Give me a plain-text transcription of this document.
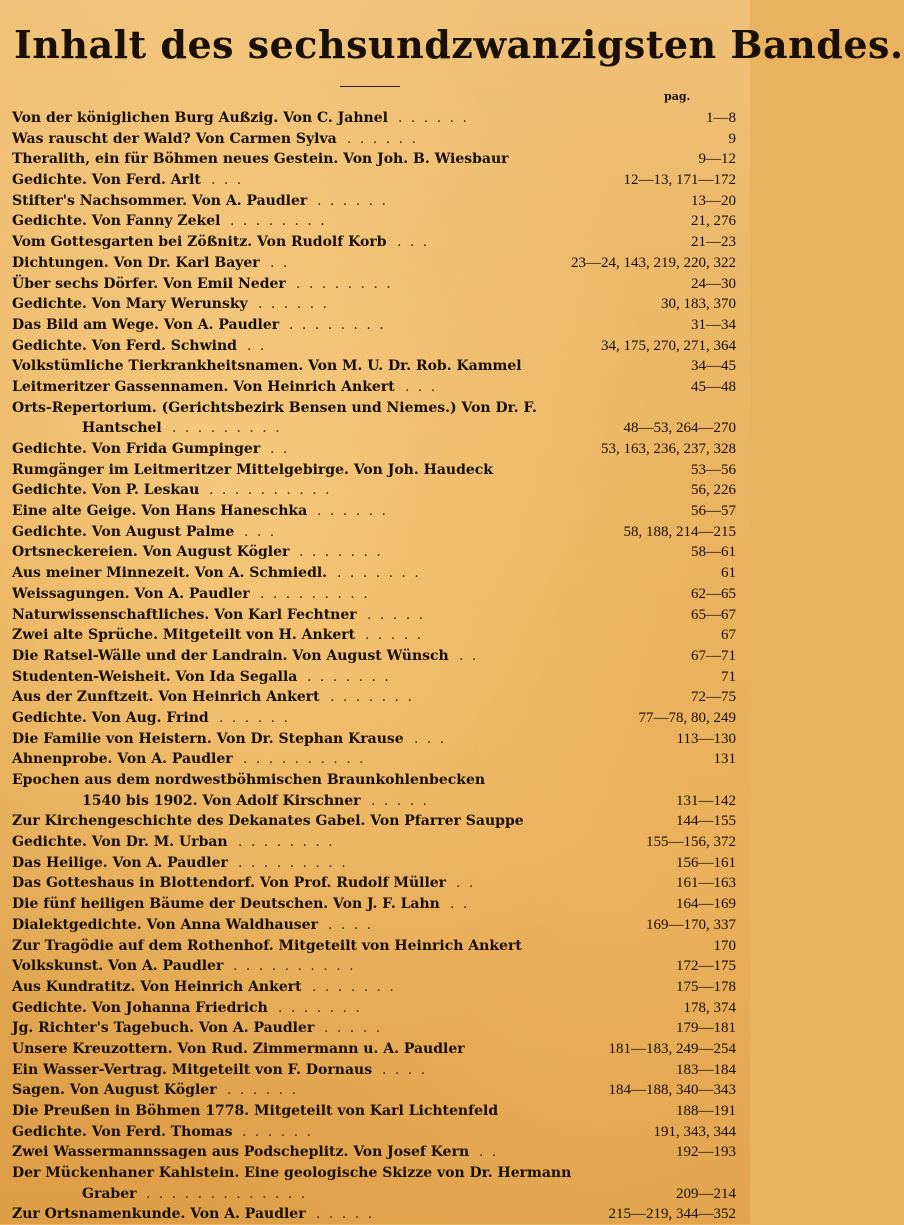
Inhalt des sechsundzwanzigsten Bandes.
pag.
Von der königlichen Burg Außzig. Von C. Jahnel . . . . . .	1—8
Was rauscht der Wald? Von Carmen Sylva . . . . . .	9
Theralith, ein für Böhmen neues Gestein. Von Joh. B. Wiesbaur	9—12
Gedichte. Von Ferd. Arlt . . .	12—13, 171—172
Stifter's Nachsommer. Von A. Paudler . . . . . .	13—20
Gedichte. Von Fanny Zekel . . . . . . . .	21, 276
Vom Gottesgarten bei Zößnitz. Von Rudolf Korb . . .	21—23
Dichtungen. Von Dr. Karl Bayer . .	23—24, 143, 219, 220, 322
Über sechs Dörfer. Von Emil Neder . . . . . . . .	24—30
Gedichte. Von Mary Werunsky . . . . . .	30, 183, 370
Das Bild am Wege. Von A. Paudler . . . . . . . .	31—34
Gedichte. Von Ferd. Schwind . .	34, 175, 270, 271, 364
Volkstümliche Tierkrankheitsnamen. Von M. U. Dr. Rob. Kammel	34—45
Leitmeritzer Gassennamen. Von Heinrich Ankert . . .	45—48
Orts-Repertorium. (Gerichtsbezirk Bensen und Niemes.) Von Dr. F.
Hantschel . . . . . . . . .	48—53, 264—270
Gedichte. Von Frida Gumpinger . .	53, 163, 236, 237, 328
Rumgänger im Leitmeritzer Mittelgebirge. Von Joh. Haudeck	53—56
Gedichte. Von P. Leskau . . . . . . . . . .	56, 226
Eine alte Geige. Von Hans Haneschka . . . . . .	56—57
Gedichte. Von August Palme . . .	58, 188, 214—215
Ortsneckereien. Von August Kögler . . . . . . .	58—61
Aus meiner Minnezeit. Von A. Schmiedl. . . . . . . .	61
Weissagungen. Von A. Paudler . . . . . . . . .	62—65
Naturwissenschaftliches. Von Karl Fechtner . . . . .	65—67
Zwei alte Sprüche. Mitgeteilt von H. Ankert . . . . .	67
Die Ratsel-Wälle und der Landrain. Von August Wünsch . .	67—71
Studenten-Weisheit. Von Ida Segalla . . . . . . .	71
Aus der Zunftzeit. Von Heinrich Ankert . . . . . . .	72—75
Gedichte. Von Aug. Frind . . . . . .	77—78, 80, 249
Die Familie von Heistern. Von Dr. Stephan Krause . . .	113—130
Ahnenprobe. Von A. Paudler . . . . . . . . . .	131
Epochen aus dem nordwestböhmischen Braunkohlenbecken
1540 bis 1902. Von Adolf Kirschner . . . . .	131—142
Zur Kirchengeschichte des Dekanates Gabel. Von Pfarrer Sauppe	144—155
Gedichte. Von Dr. M. Urban . . . . . . . .	155—156, 372
Das Heilige. Von A. Paudler . . . . . . . . .	156—161
Das Gotteshaus in Blottendorf. Von Prof. Rudolf Müller . .	161—163
Die fünf heiligen Bäume der Deutschen. Von J. F. Lahn . .	164—169
Dialektgedichte. Von Anna Waldhauser . . . .	169—170, 337
Zur Tragödie auf dem Rothenhof. Mitgeteilt von Heinrich Ankert	170
Volkskunst. Von A. Paudler . . . . . . . . . .	172—175
Aus Kundratitz. Von Heinrich Ankert . . . . . . .	175—178
Gedichte. Von Johanna Friedrich . . . . . . .	178, 374
Jg. Richter's Tagebuch. Von A. Paudler . . . . .	179—181
Unsere Kreuzottern. Von Rud. Zimmermann u. A. Paudler	181—183, 249—254
Ein Wasser-Vertrag. Mitgeteilt von F. Dornaus . . . .	183—184
Sagen. Von August Kögler . . . . . .	184—188, 340—343
Die Preußen in Böhmen 1778. Mitgeteilt von Karl Lichtenfeld	188—191
Gedichte. Von Ferd. Thomas . . . . . .	191, 343, 344
Zwei Wassermannssagen aus Podscheplitz. Von Josef Kern . .	192—193
Der Mückenhaner Kahlstein. Eine geologische Skizze von Dr. Hermann
Graber . . . . . . . . . . . . .	209—214
Zur Ortsnamenkunde. Von A. Paudler . . . . .	215—219, 344—352
